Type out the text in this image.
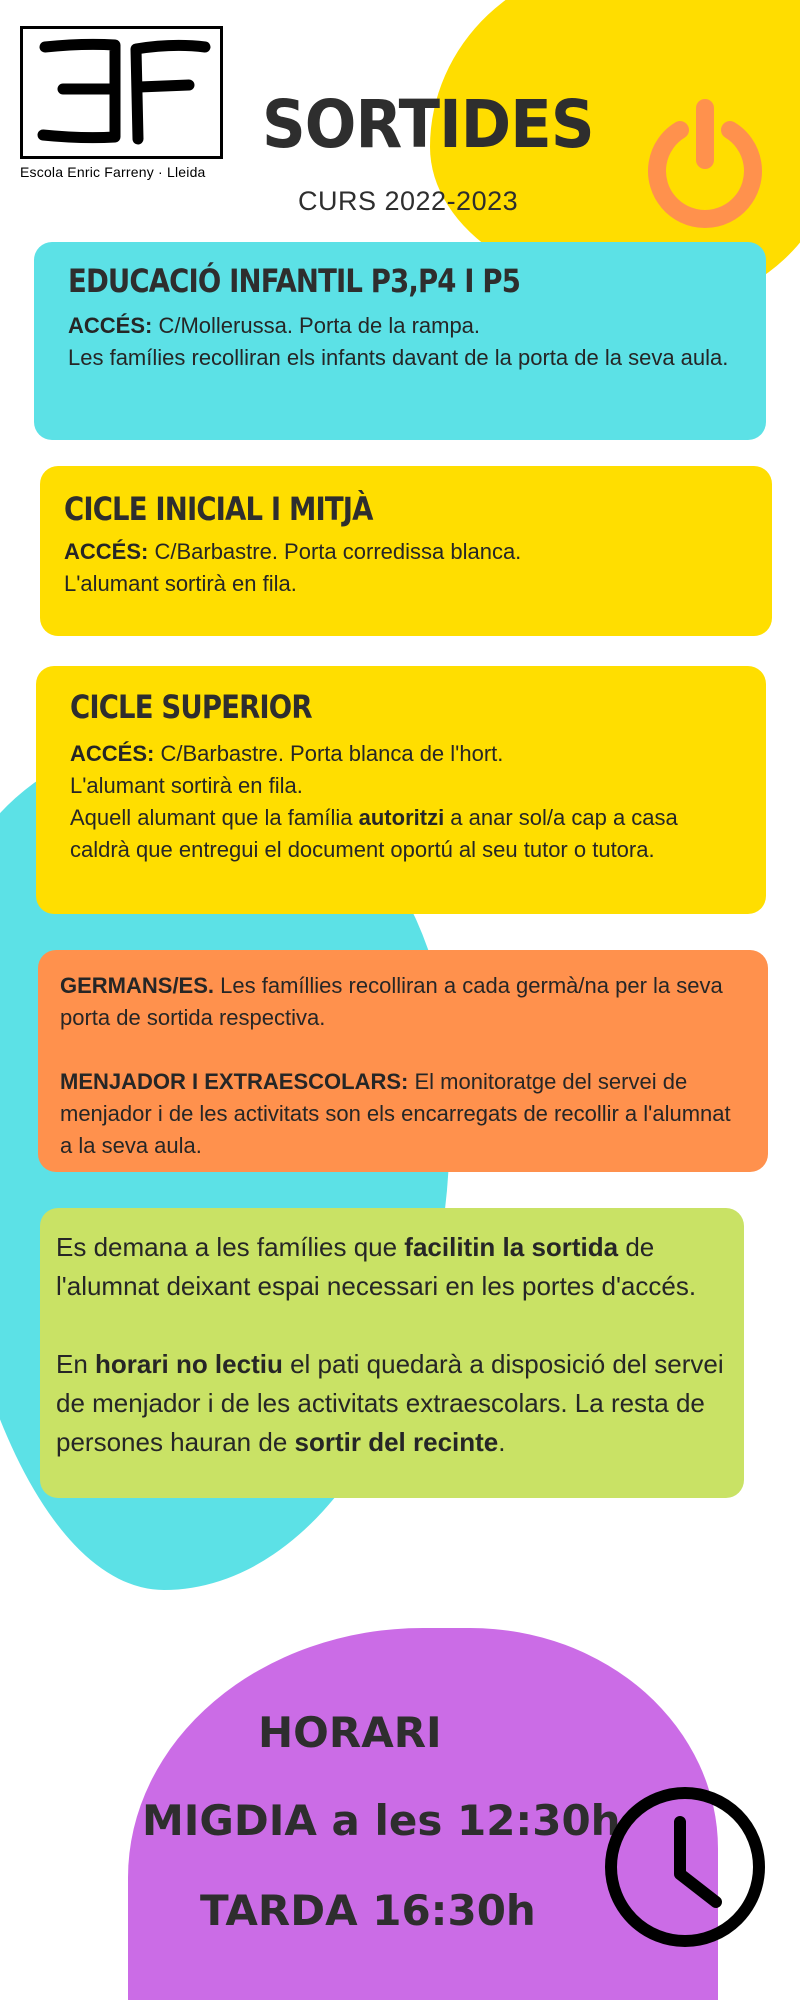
Escola Enric Farreny · Lleida
SORTIDES
CURS 2022-2023
EDUCACIÓ INFANTIL P3,P4 I P5

ACCÉS: C/Mollerussa. Porta de la rampa.
Les famílies recolliran els infants davant de la porta de la seva aula.

CICLE INICIAL I MITJÀ

ACCÉS: C/Barbastre. Porta corredissa blanca.
L'alumant sortirà en fila.

CICLE SUPERIOR

ACCÉS: C/Barbastre. Porta blanca de l'hort.
L'alumant sortirà en fila.
Aquell alumant que la família autoritzi a anar sol/a cap a casa caldrà que entregui el document oportú al seu tutor o tutora.

GERMANS/ES. Les famíllies recolliran a cada germà/na per la seva porta de sortida respectiva.

MENJADOR I EXTRAESCOLARS: El monitoratge del servei de menjador i de les activitats son els encarregats de recollir a l'alumnat a la seva aula.

Es demana a les famílies que facilitin la sortida de l'alumnat deixant espai necessari en les portes d'accés.

En horari no lectiu el pati quedarà a disposició del servei de menjador i de les activitats extraescolars. La resta de persones hauran de sortir del recinte.

HORARI
MIGDIA a les 12:30h
TARDA 16:30h
